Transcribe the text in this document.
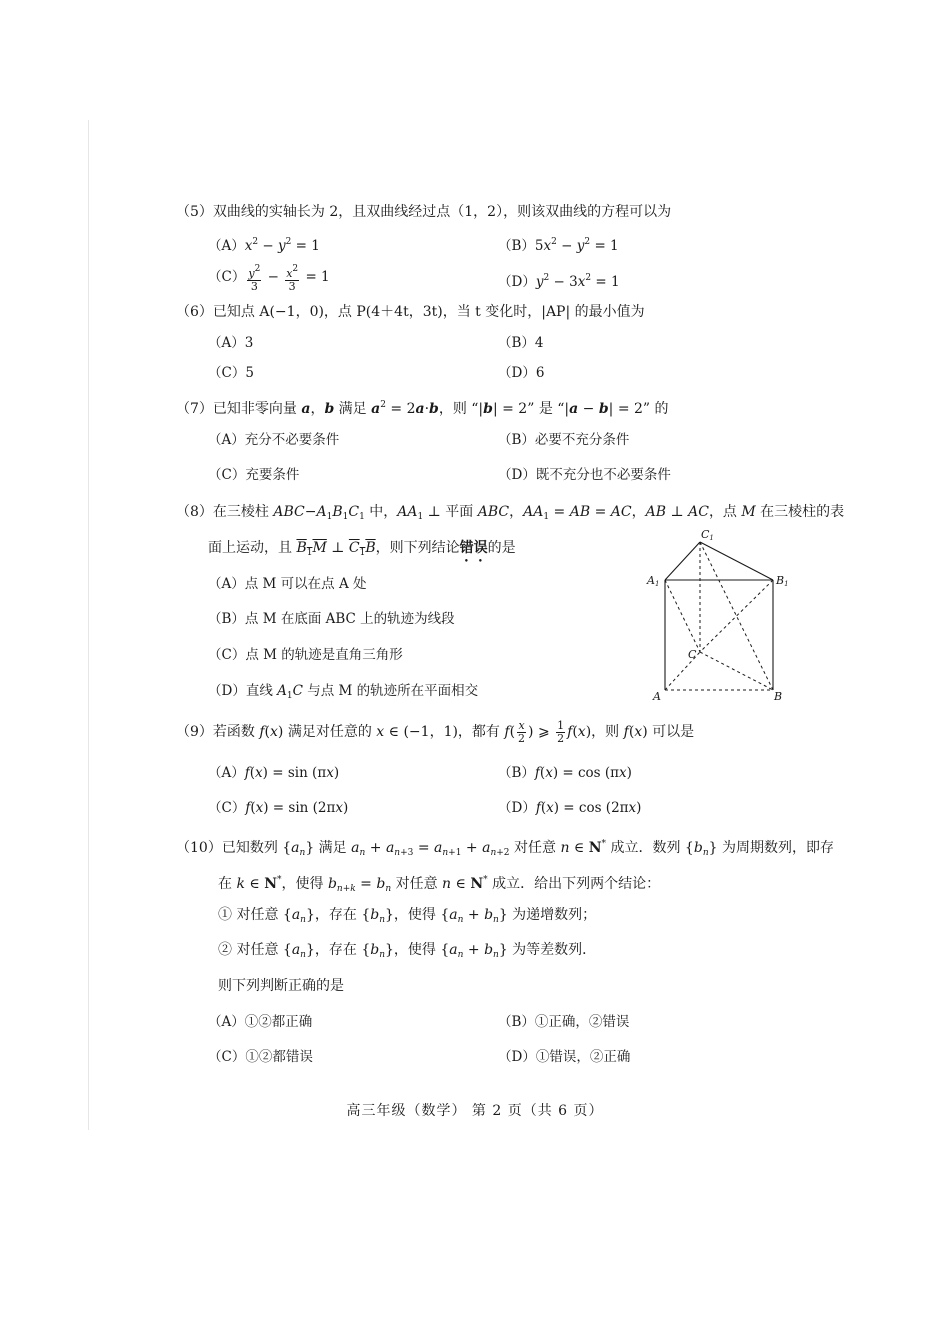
（5）双曲线的实轴长为 2，且双曲线经过点（1，2），则该双曲线的方程可以为
$(A)x^2 - y^2 = 1$	$(B)5x^2 - y^2 = 1$
$(C) \frac{y^2}{3} - \frac{x^2}{3} = 1$	$(D)y^2 - 3x^2 = 1$
（6）已知点 A(−1，0)，点 P(4＋4t，3t)，当 t 变化时，|AP| 的最小值为
（A）3	（B）4
（C）5	（D）6
（7）已知非零向量 a，b 满足 $a^2 = 2a\cdot b$，则 “|b| = 2” 是 “|a − b| = 2” 的
（A）充分不必要条件	（B）必要不充分条件
（C）充要条件	（D）既不充分也不必要条件
（8）在三棱柱 $ABC-A_1B_1C_1$ 中，$AA_1$ ⊥ 平面 ABC，$AA_1$ = AB = AC，AB ⊥ AC，点 M 在三棱柱的表
面上运动，且 $B_1M$ ⊥ $C_1B$，则下列结论错误的是
（A）点 M 可以在点 A 处
（B）点 M 在底面 ABC 上的轨迹为线段
（C）点 M 的轨迹是直角三角形
（D）直线 $A_1C$ 与点 M 的轨迹所在平面相交
C1
A1	B1
C
A	B
（9）若函数 f(x) 满足对任意的 x ∈ (−1，1)，都有 $f( \frac{x}{2}$ ) ⩾ $\frac{1}{2} f(x)$，则 f(x) 可以是
（A）f(x) = sin (πx)	（B）f(x) = cos (πx)
（C）f(x) = sin (2πx)	（D）f(x) = cos (2πx)
（10）已知数列 $\{a_n\}$ 满足 $a_n + a_{n+3} = a_{n+1} + a_{n+2}$ 对任意 n ∈ N* 成立．数列 $\{b_n\}$ 为周期数列，即存
在 k ∈ N*，使得 $b_{n+k} = b_n$ 对任意 n ∈ N* 成立．给出下列两个结论：
① 对任意 $\{a_n\}$，存在 $\{b_n\}$，使得 $\{a_n + b_n\}$ 为递增数列；
② 对任意 $\{a_n\}$，存在 $\{b_n\}$，使得 $\{a_n + b_n\}$ 为等差数列．
则下列判断正确的是
（A）①②都正确	（B）①正确，②错误
（C）①②都错误	（D）①错误，②正确
高三年级（数学） 第 2 页（共 6 页）
